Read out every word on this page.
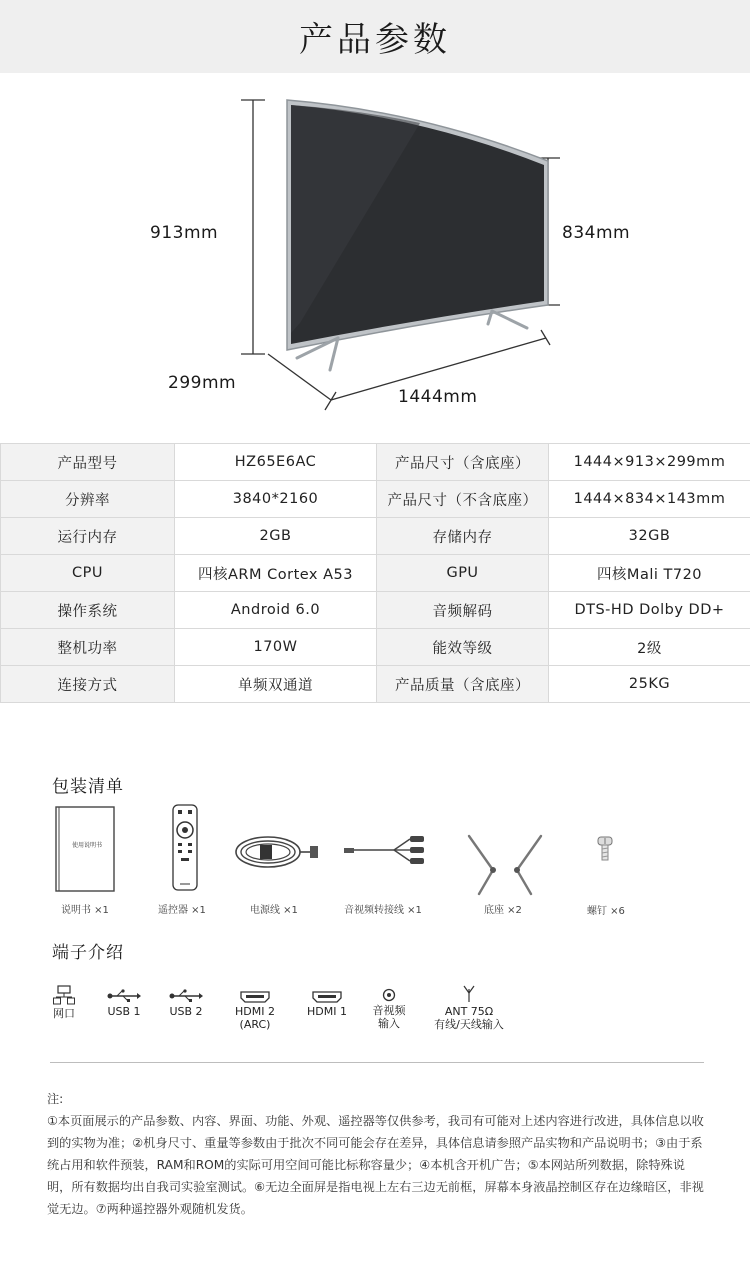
产品参数
913mm	834mm
299mm
1444mm
产品型号	HZ65E6AC	产品尺寸（含底座）	1444×913×299mm
分辨率	3840*2160	产品尺寸（不含底座）	1444×834×143mm
运行内存	2GB	存储内存	32GB
CPU	四核ARM Cortex A53	GPU	四核Mali T720
操作系统	Android 6.0	音频解码	DTS-HD Dolby DD+
整机功率	170W	能效等级	2级
连接方式	单频双通道	产品质量（含底座）	25KG
包装清单
使用说明书
说明书 ×1	遥控器 ×1	电源线 ×1	音视频转接线 ×1	底座 ×2	螺钉 ×6
端子介绍
网口	USB 1	USB 2	HDMI 2
(ARC)
HDMI 1	音视频
输入
ANT 75Ω
有线/天线输入

注:

①本页面展示的产品参数、内容、界面、功能、外观、遥控器等仅供参考，我司有可能对上述内容进行改进，具体信息以收到的实物为准；②机身尺寸、重量等参数由于批次不同可能会存在差异，具体信息请参照产品实物和产品说明书；③由于系统占用和软件预装，RAM和ROM的实际可用空间可能比标称容量少；④本机含开机广告；⑤本网站所列数据，除特殊说明，所有数据均出自我司实验室测试。⑥无边全面屏是指电视上左右三边无前框，屏幕本身液晶控制区存在边缘暗区，非视觉无边。⑦两种遥控器外观随机发货。
